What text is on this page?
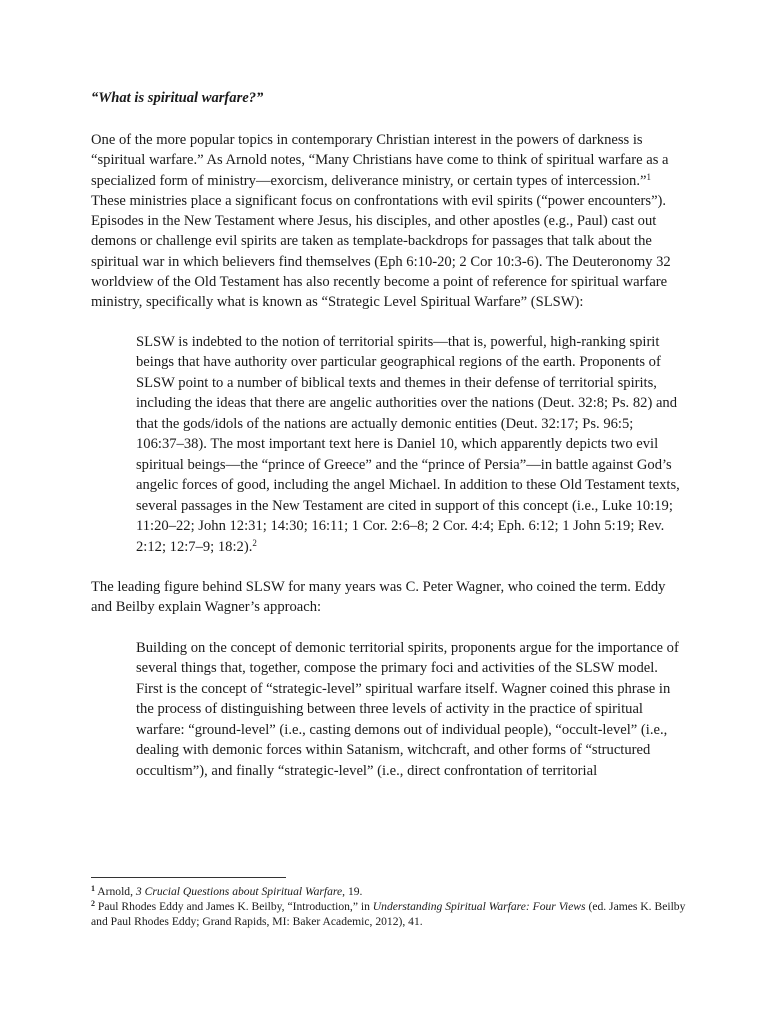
“What is spiritual warfare?”

One of the more popular topics in contemporary Christian interest in the powers of darkness is “spiritual warfare.” As Arnold notes, “Many Christians have come to think of spiritual warfare as a specialized form of ministry—exorcism, deliverance ministry, or certain types of intercession.”$^1$ These ministries place a significant focus on confrontations with evil spirits (“power encounters”). Episodes in the New Testament where Jesus, his disciples, and other apostles (e.g., Paul) cast out demons or challenge evil spirits are taken as template-backdrops for passages that talk about the spiritual war in which believers find themselves (Eph 6:10-20; 2 Cor 10:3-6). The Deuteronomy 32 worldview of the Old Testament has also recently become a point of reference for spiritual warfare ministry, specifically what is known as “Strategic Level Spiritual Warfare” (SLSW):

SLSW is indebted to the notion of territorial spirits—that is, powerful, high-ranking spirit beings that have authority over particular geographical regions of the earth. Proponents of SLSW point to a number of biblical texts and themes in their defense of territorial spirits, including the ideas that there are angelic authorities over the nations (Deut. 32:8; Ps. 82) and that the gods/idols of the nations are actually demonic entities (Deut. 32:17; Ps. 96:5; 106:37–38). The most important text here is Daniel 10, which apparently depicts two evil spiritual beings—the “prince of Greece” and the “prince of Persia”—in battle against God’s angelic forces of good, including the angel Michael. In addition to these Old Testament texts, several passages in the New Testament are cited in support of this concept (i.e., Luke 10:19; 11:20–22; John 12:31; 14:30; 16:11; 1 Cor. 2:6–8; 2 Cor. 4:4; Eph. 6:12; 1 John 5:19; Rev. 2:12; 12:7–9; 18:2).$^2$

The leading figure behind SLSW for many years was C. Peter Wagner, who coined the term. Eddy and Beilby explain Wagner’s approach:

Building on the concept of demonic territorial spirits, proponents argue for the importance of several things that, together, compose the primary foci and activities of the SLSW model. First is the concept of “strategic-level” spiritual warfare itself. Wagner coined this phrase in the process of distinguishing between three levels of activity in the practice of spiritual warfare: “ground-level” (i.e., casting demons out of individual people), “occult-level” (i.e., dealing with demonic forces within Satanism, witchcraft, and other forms of “structured occultism”), and finally “strategic-level” (i.e., direct confrontation of territorial

$^1$ Arnold, 3 Crucial Questions about Spiritual Warfare, 19.

$^2$ Paul Rhodes Eddy and James K. Beilby, “Introduction,” in Understanding Spiritual Warfare: Four Views (ed. James K. Beilby and Paul Rhodes Eddy; Grand Rapids, MI: Baker Academic, 2012), 41.
